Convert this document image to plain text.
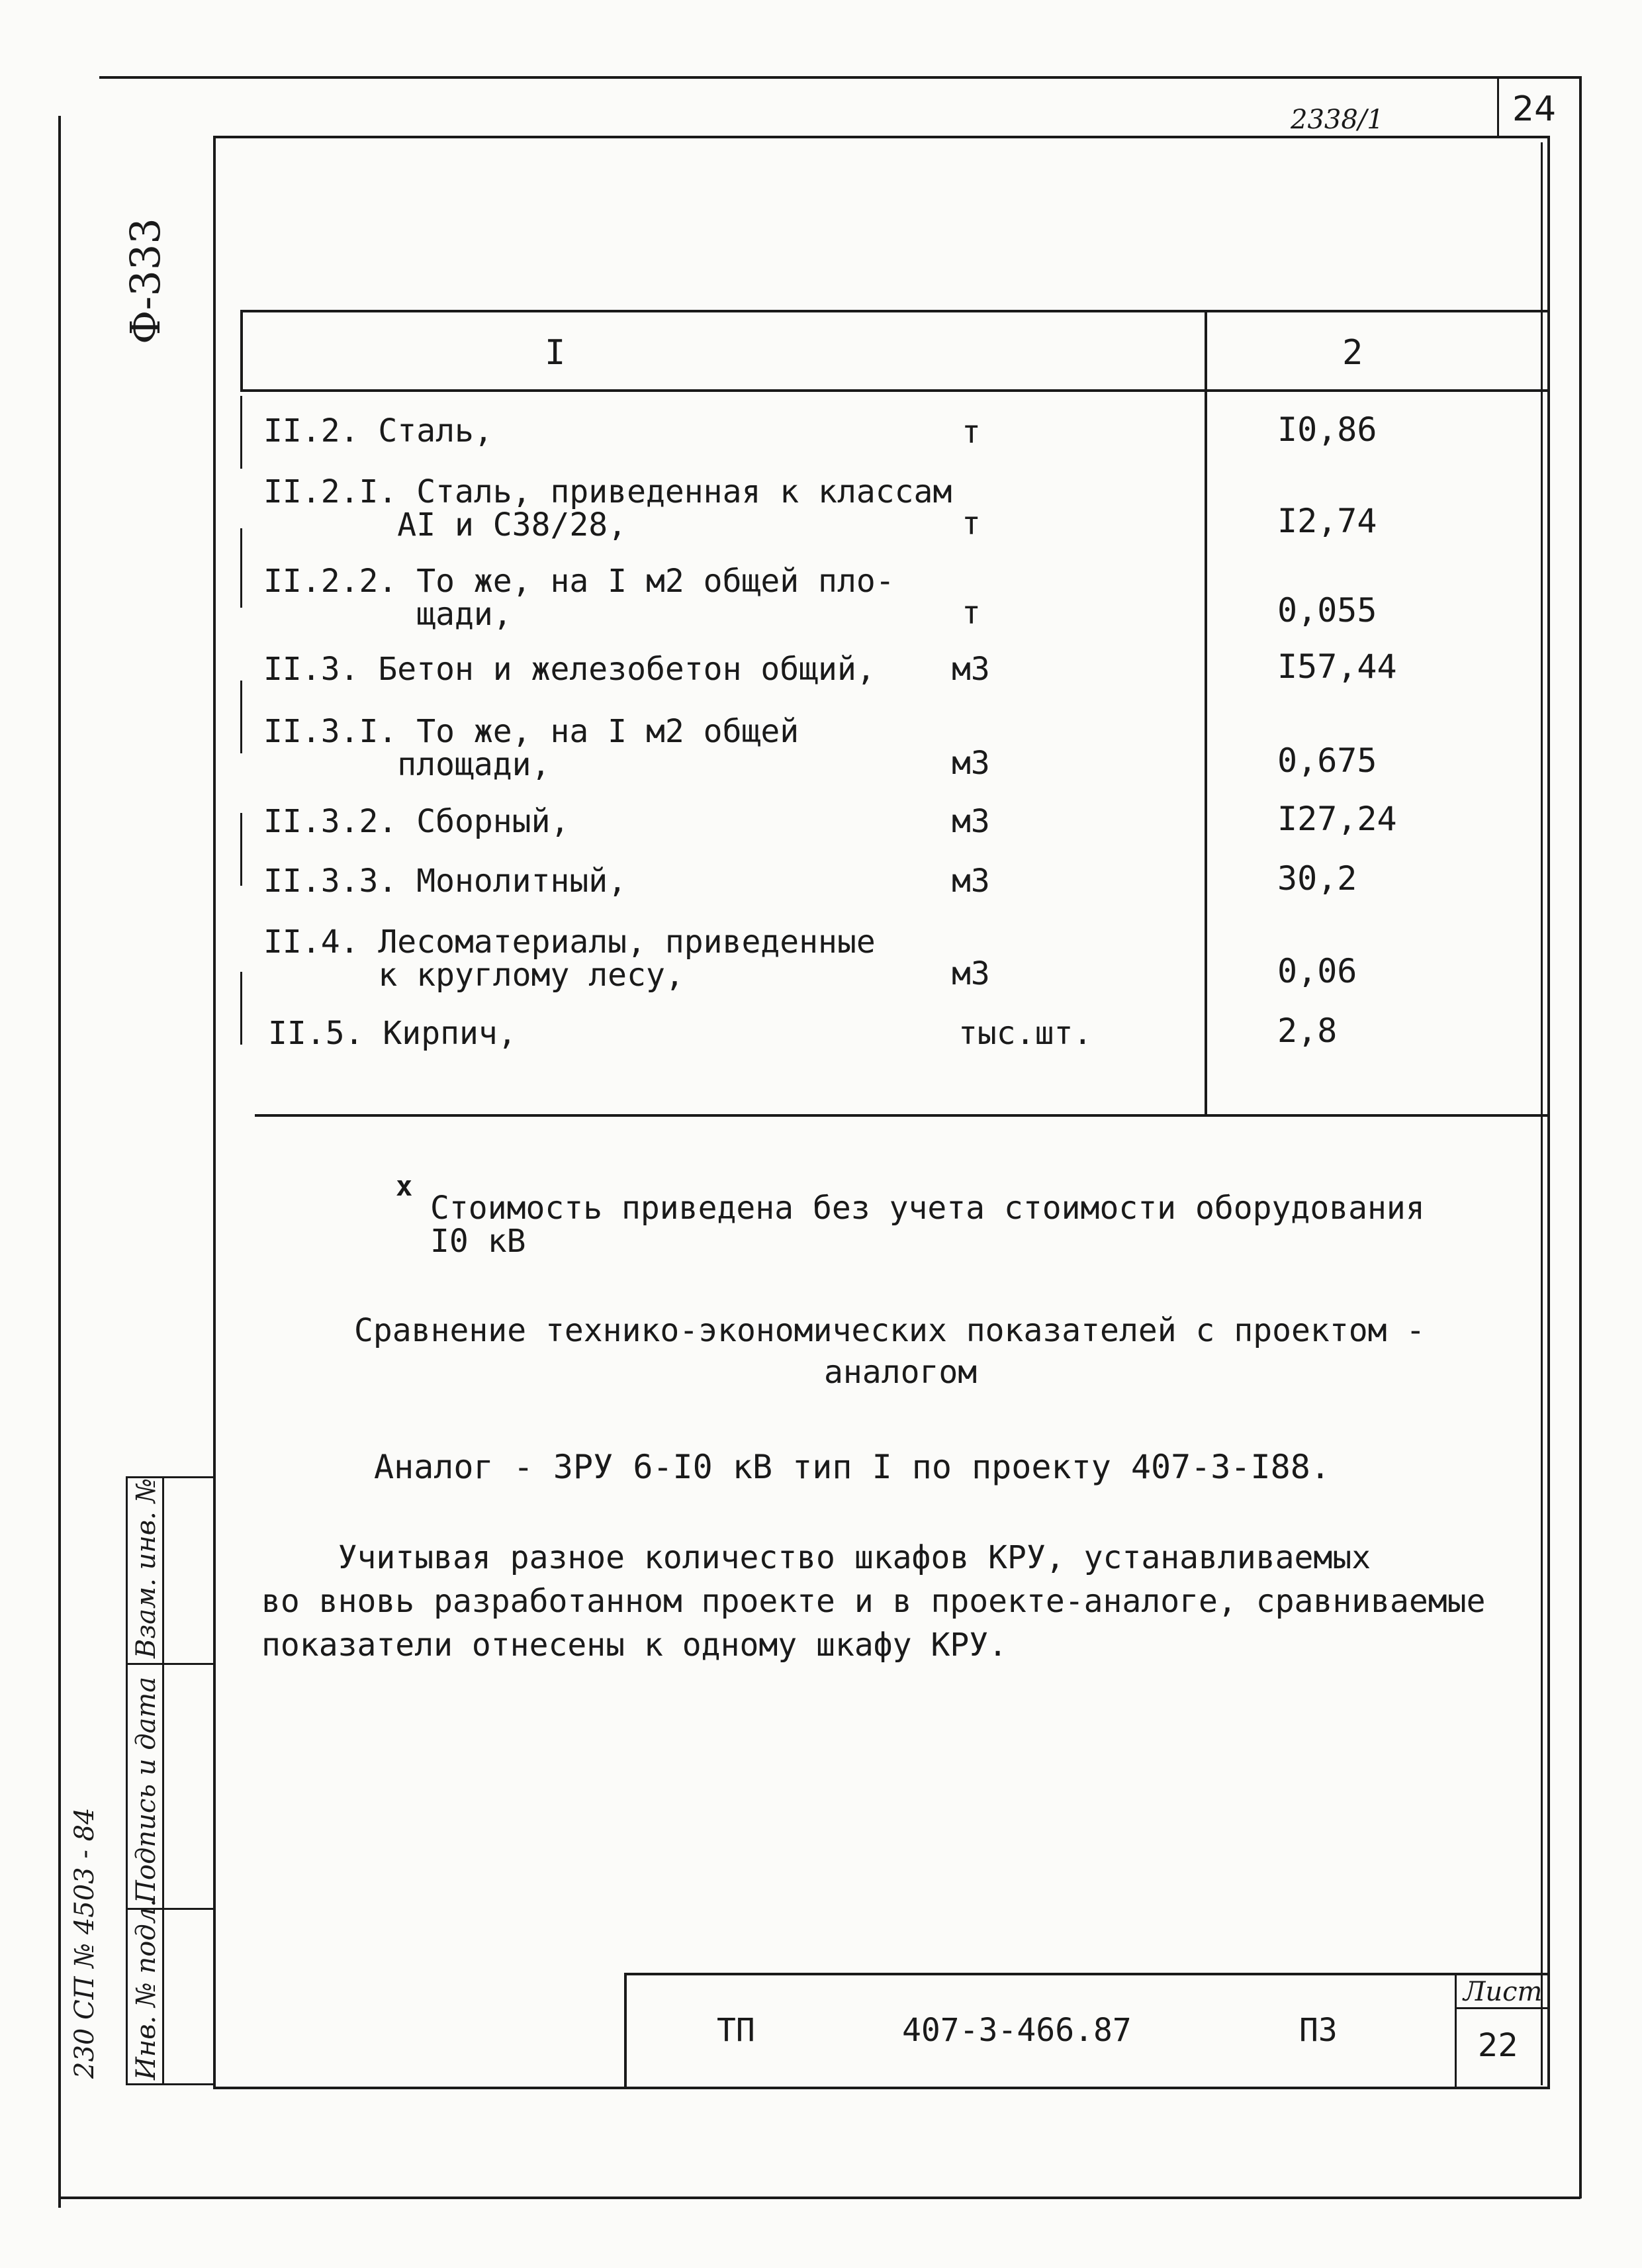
24
2338/1
Ф-333
Инв. № подл.
Подпись и дата
Взам. инв. №
230 СП № 4503 - 84
I	2
II.2. Сталь,	т	I0,86
II.2.I. Сталь, приведенная к классам
AI и С38/28,	т	I2,74
II.2.2. То же, на I м2 общей пло-
щади,	т	0,055
II.3. Бетон и железобетон общий, м3	I57,44
II.3.I. То же, на I м2 общей
площади,	м3	0,675
II.3.2. Сборный,	м3	I27,24
II.3.3. Монолитный,	м3	30,2
II.4. Лесоматериалы, приведенные
к круглому лесу,	м3	0,06
II.5. Кирпич,	тыс.шт.	2,8
x
Стоимость приведена без учета стоимости оборудования
I0 кВ
Сравнение технико-экономических показателей с проектом -
аналогом
Аналог - ЗРУ 6-I0 кВ тип I по проекту 407-3-I88.
Учитывая разное количество шкафов КРУ, устанавливаемых
во вновь разработанном проекте и в проекте-аналоге, сравниваемые
показатели отнесены к одному шкафу КРУ.
ТП	407-3-466.87	ПЗ
Лист
22
